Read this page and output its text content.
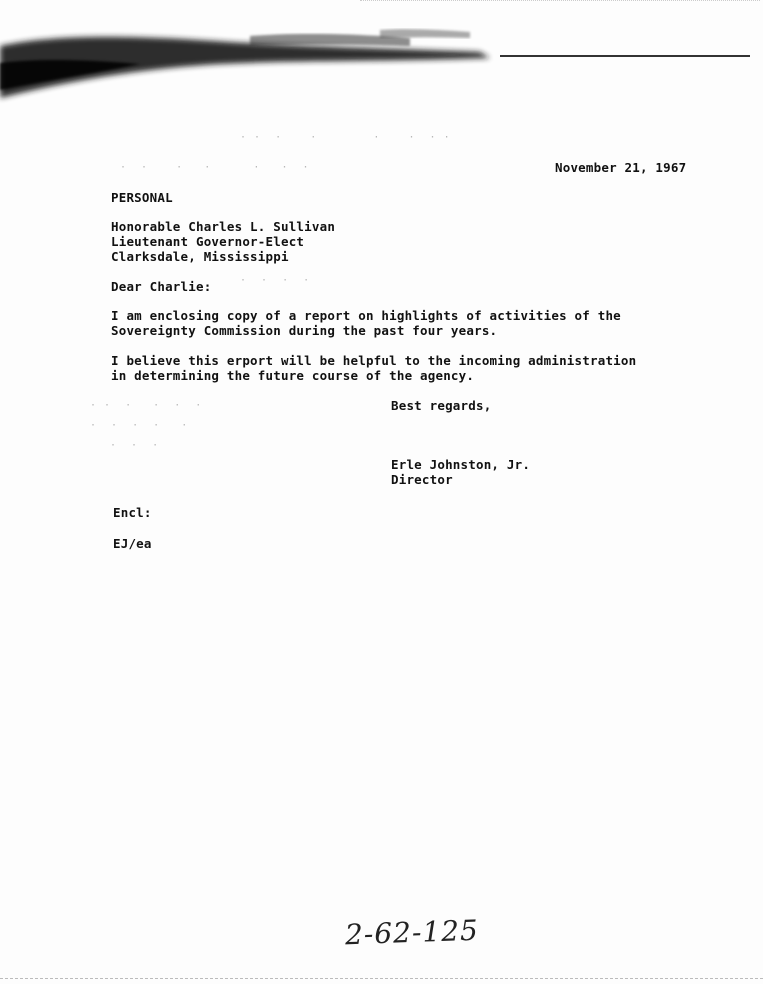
· ·  ·    ·        ·    ·  · ·
·  ·    ·   ·      ·   ·  ·
·  ·  ·  ·
· ·  ·   ·  ·  ·
·  ·  ·  ·   ·
·  ·  ·
November 21, 1967
PERSONAL
Honorable Charles L. Sullivan
Lieutenant Governor-Elect
Clarksdale, Mississippi
Dear Charlie:
I am enclosing copy of a report on highlights of activities of the
Sovereignty Commission during the past four years.
I believe this erport will be helpful to the incoming administration
in determining the future course of the agency.
Best regards,
Erle Johnston, Jr.
Director
Encl:
EJ/ea
2-62-125
